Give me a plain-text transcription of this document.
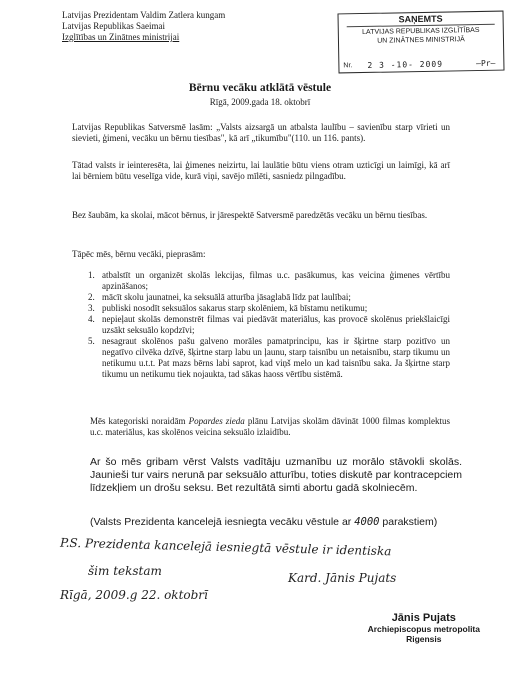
Latvijas Prezidentam Valdim Zatlera kungam
Latvijas Republikas Saeimai
Izglītības un Zinātnes ministrijai
SAŅEMTS
LATVIJAS REPUBLIKAS IZGLĪTĪBAS
UN ZINĀTNES MINISTRIJĀ
Nr. 2 3 -10- 2009	—Pr—
Bērnu vecāku atklātā vēstule
Rīgā, 2009.gada 18. oktobrī
Latvijas Republikas Satversmē lasām: „Valsts aizsargā un atbalsta laulību – savienību starp vīrieti un sievieti, ģimeni, vecāku un bērnu tiesības", kā arī „tikumību"(110. un 116. pants).
Tātad valsts ir ieinteresēta, lai ģimenes neizirtu, lai laulātie būtu viens otram uzticīgi un laimīgi, kā arī lai bērniem būtu veselīga vide, kurā viņi, savējo mīlēti, sasniedz pilngadību.
Bez šaubām, ka skolai, mācot bērnus, ir jārespektē Satversmē paredzētās vecāku un bērnu tiesības.
Tāpēc mēs, bērnu vecāki, pieprasām:
1. atbalstīt un organizēt skolās lekcijas, filmas u.c. pasākumus, kas veicina ģimenes vērtību apzināšanos;
2. mācīt skolu jaunatnei, ka seksuālā atturība jāsaglabā līdz pat laulībai;
3. publiski nosodīt seksuālos sakarus starp skolēniem, kā bīstamu netikumu;
4. nepieļaut skolās demonstrēt filmas vai piedāvāt materiālus, kas provocē skolēnus priekšlaicīgi uzsākt seksuālo kopdzīvi;
5. nesagraut skolēnos pašu galveno morāles pamatprincipu, kas ir šķirtne starp pozitīvo un negatīvo cilvēka dzīvē, šķirtne starp labu un ļaunu, starp taisnību un netaisnību, starp tikumu un netikumu u.t.t. Pat mazs bērns labi saprot, kad viņš melo un kad taisnību saka. Ja šķirtne starp tikumu un netikumu tiek nojaukta, tad sākas haoss vērtību sistēmā.
Mēs kategoriski noraidām Popardes zieda plānu Latvijas skolām dāvināt 1000 filmas komplektus u.c. materiālus, kas skolēnos veicina seksuālo izlaidību.
Ar šo mēs gribam vērst Valsts vadītāju uzmanību uz morālo stāvokli skolās. Jaunieši tur vairs nerunā par seksuālo atturību, toties diskutē par kontracepciem līdzekļiem un drošu seksu. Bet rezultātā simti abortu gadā skolniecēm.
(Valsts Prezidenta kancelejā iesniegta vecāku vēstule ar 4000 parakstiem)
P.S. Prezidenta kancelejā iesniegtā vēstule ir identiska
šim tekstam
Rīgā, 2009.g 22. oktobrī
Kard. Jānis Pujats
Jānis Pujats
Archiepiscopus metropolita
Rigensis
